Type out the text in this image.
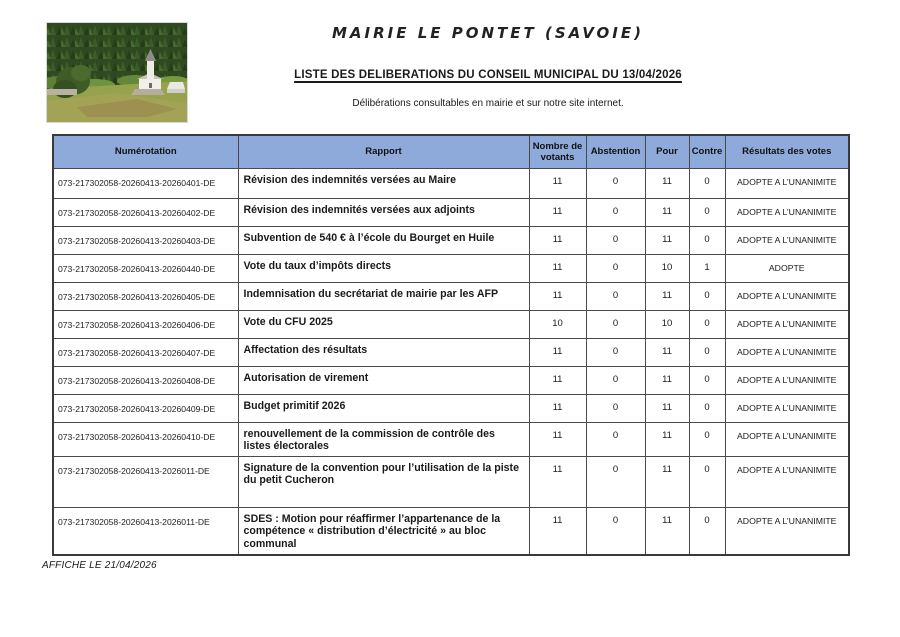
MAIRIE LE PONTET (SAVOIE)
LISTE DES DELIBERATIONS DU CONSEIL MUNICIPAL DU 13/04/2026
Délibérations consultables en mairie et sur notre site internet.
Numérotation	Rapport	Nombre de votants	Abstention	Pour	Contre	Résultats des votes
073-217302058-20260413-20260401-DE	Révision des indemnités versées au Maire	11	0	11	0	ADOPTE A L’UNANIMITE
073-217302058-20260413-20260402-DE	Révision des indemnités versées aux adjoints	11	0	11	0	ADOPTE A L’UNANIMITE
073-217302058-20260413-20260403-DE	Subvention de 540 € à l’école du Bourget en Huile	11	0	11	0	ADOPTE A L’UNANIMITE
073-217302058-20260413-20260440-DE	Vote du taux d’impôts directs	11	0	10	1	ADOPTE
073-217302058-20260413-20260405-DE	Indemnisation du secrétariat de mairie par les AFP	11	0	11	0	ADOPTE A L’UNANIMITE
073-217302058-20260413-20260406-DE	Vote du CFU 2025	10	0	10	0	ADOPTE A L’UNANIMITE
073-217302058-20260413-20260407-DE	Affectation des résultats	11	0	11	0	ADOPTE A L’UNANIMITE
073-217302058-20260413-20260408-DE	Autorisation de virement	11	0	11	0	ADOPTE A L’UNANIMITE
073-217302058-20260413-20260409-DE	Budget primitif 2026	11	0	11	0	ADOPTE A L’UNANIMITE
073-217302058-20260413-20260410-DE	renouvellement de la commission de contrôle des listes électorales	11	0	11	0	ADOPTE A L’UNANIMITE
073-217302058-20260413-2026011-DE	Signature de la convention pour l’utilisation de la piste du petit Cucheron	11	0	11	0	ADOPTE A L’UNANIMITE
073-217302058-20260413-2026011-DE	SDES : Motion pour réaffirmer l’appartenance de la compétence « distribution d’électricité » au bloc communal	11	0	11	0	ADOPTE A L’UNANIMITE
AFFICHE LE 21/04/2026
